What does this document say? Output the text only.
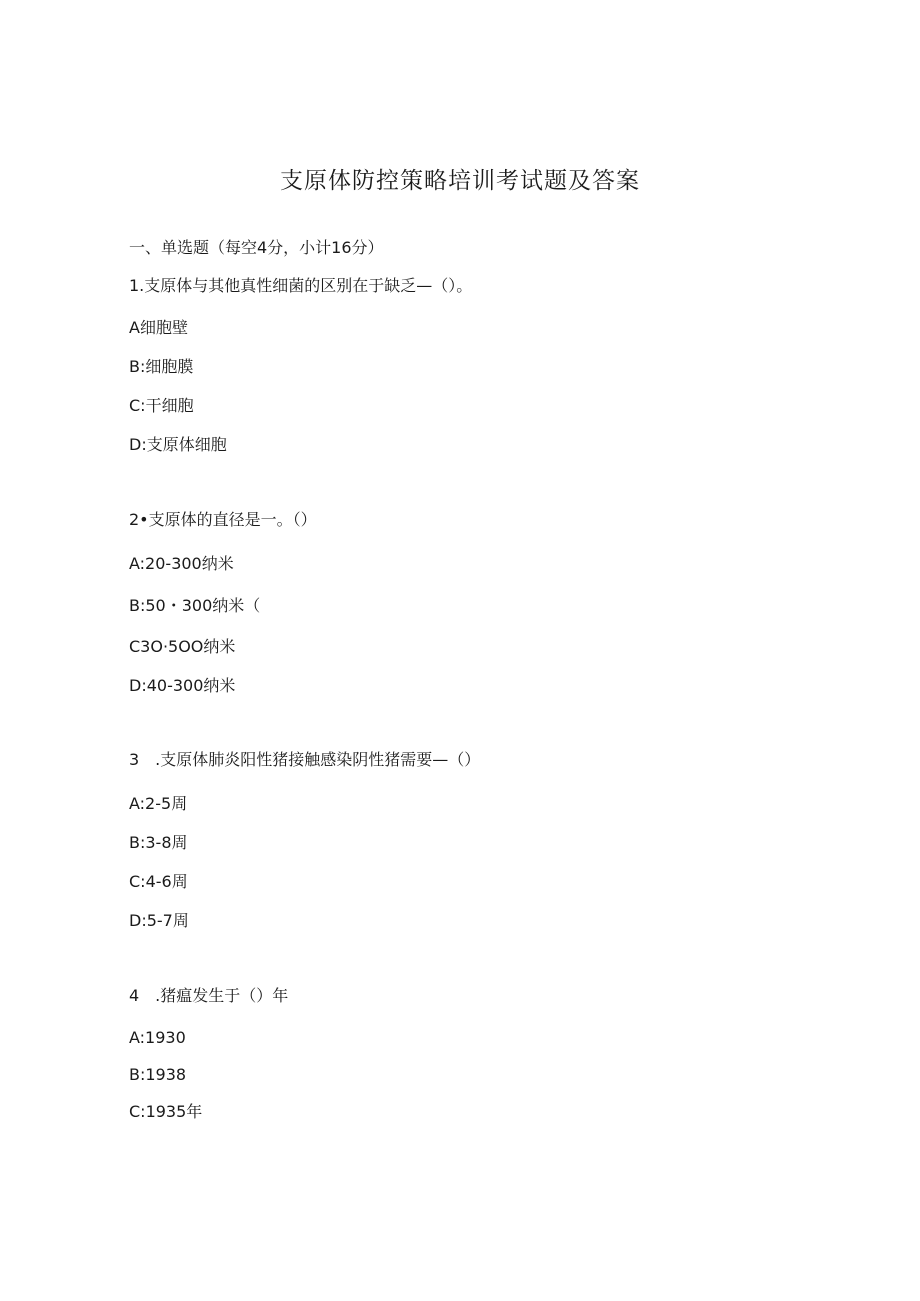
支原体防控策略培训考试题及答案
一、单选题（每空4分，小计16分）
1.支原体与其他真性细菌的区别在于缺乏—（）。
A细胞壁
B:细胞膜
C:干细胞
D:支原体细胞
2•支原体的直径是一。（）
A:20-300纳米
B:50・300纳米（
C3O·5OO纳米
D:40-300纳米
3　.支原体肺炎阳性猪接触感染阴性猪需要—（）
A:2-5周
B:3-8周
C:4-6周
D:5-7周
4　.猪瘟发生于（）年
A:1930
B:1938
C:1935年
